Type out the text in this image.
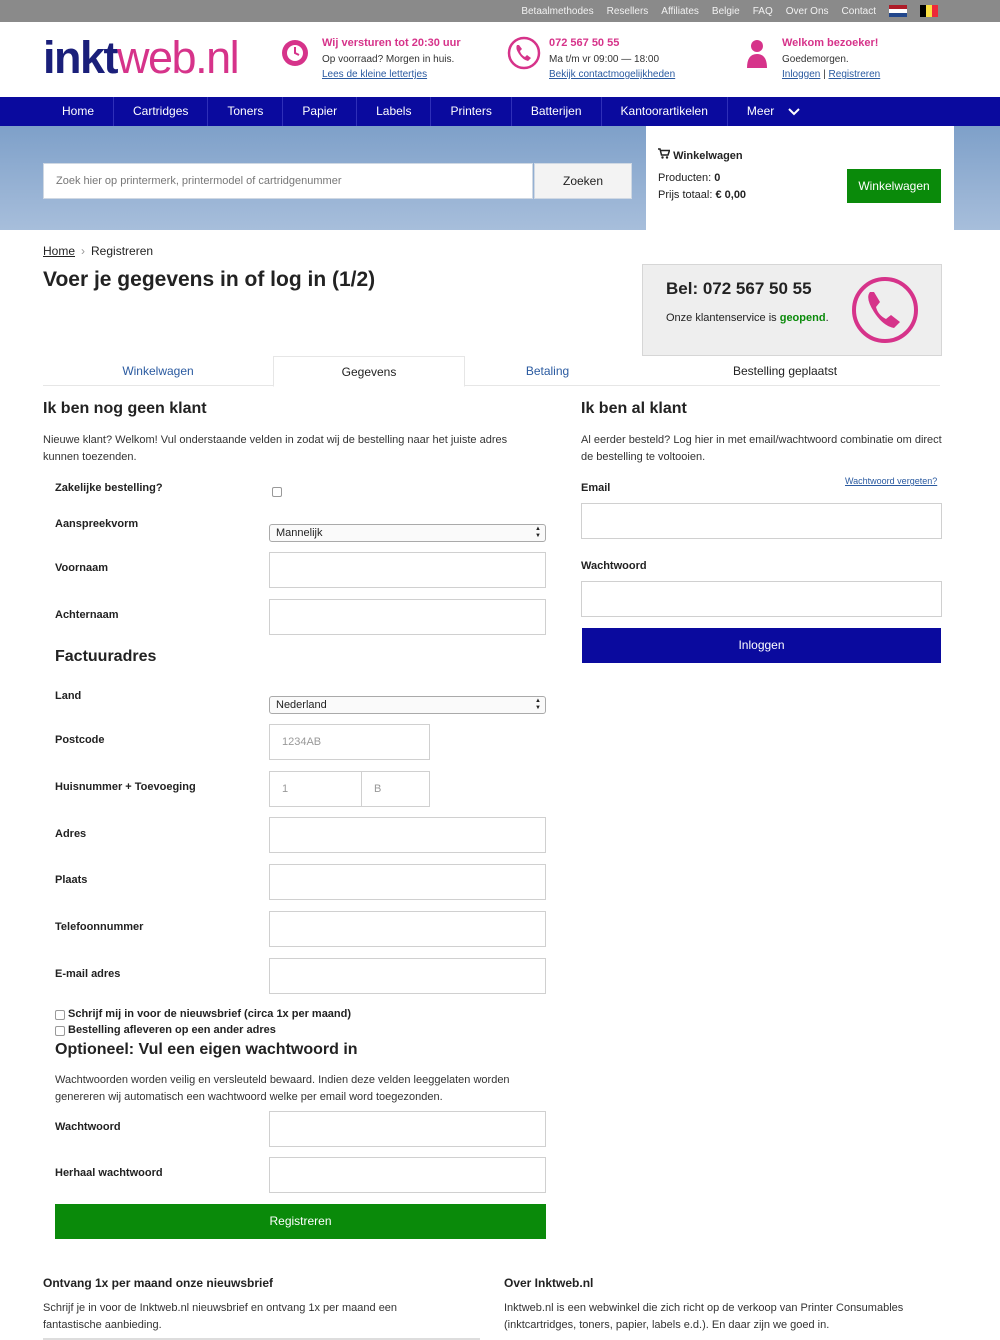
Betaalmethodes Resellers Affiliates Belgie FAQ Over Ons Contact
inktweb.nl	Wij versturen tot 20:30 uur
Op voorraad? Morgen in huis.
Lees de kleine lettertjes
072 567 50 55
Ma t/m vr 09:00 — 18:00
Bekijk contactmogelijkheden
Welkom bezoeker!
Goedemorgen.
Inloggen | Registreren
Home	Cartridges	Toners	Papier	Labels	Printers	Batterijen	Kantoorartikelen	Meer
Zoek hier op printermerk, printermodel of cartridgenummer	Zoeken
Winkelwagen
Producten: 0
Prijs totaal: € 0,00
Winkelwagen
Home › Registreren
Voer je gegevens in of log in (1/2)	Bel: 072 567 50 55
Onze klantenservice is geopend.
Winkelwagen	Gegevens	Betaling	Bestelling geplaatst
Ik ben nog geen klant

Nieuwe klant? Welkom! Vul onderstaande velden in zodat wij de bestelling naar het juiste adres kunnen toezenden.

Zakelijke bestelling?
Aanspreekvorm
Mannelijk	▲
▼
Voornaam
Achternaam
Factuuradres
Land
Nederland	▲
▼
Postcode	1234AB
Huisnummer + Toevoeging	1	B
Adres
Plaats
Telefoonnummer
E-mail adres
Schrijf mij in voor de nieuwsbrief (circa 1x per maand)
Bestelling afleveren op een ander adres
Optioneel: Vul een eigen wachtwoord in

Wachtwoorden worden veilig en versleuteld bewaard. Indien deze velden leeggelaten worden genereren wij automatisch een wachtwoord welke per email word toegezonden.

Wachtwoord
Herhaal wachtwoord
Registreren
Ik ben al klant

Al eerder besteld? Log hier in met email/wachtwoord combinatie om direct de bestelling te voltooien.

Wachtwoord vergeten?
Email
Wachtwoord
Inloggen
Ontvang 1x per maand onze nieuwsbrief

Schrijf je in voor de Inktweb.nl nieuwsbrief en ontvang 1x per maand een fantastische aanbieding.

Over Inktweb.nl

Inktweb.nl is een webwinkel die zich richt op de verkoop van Printer Consumables (inktcartridges, toners, papier, labels e.d.). En daar zijn we goed in.
